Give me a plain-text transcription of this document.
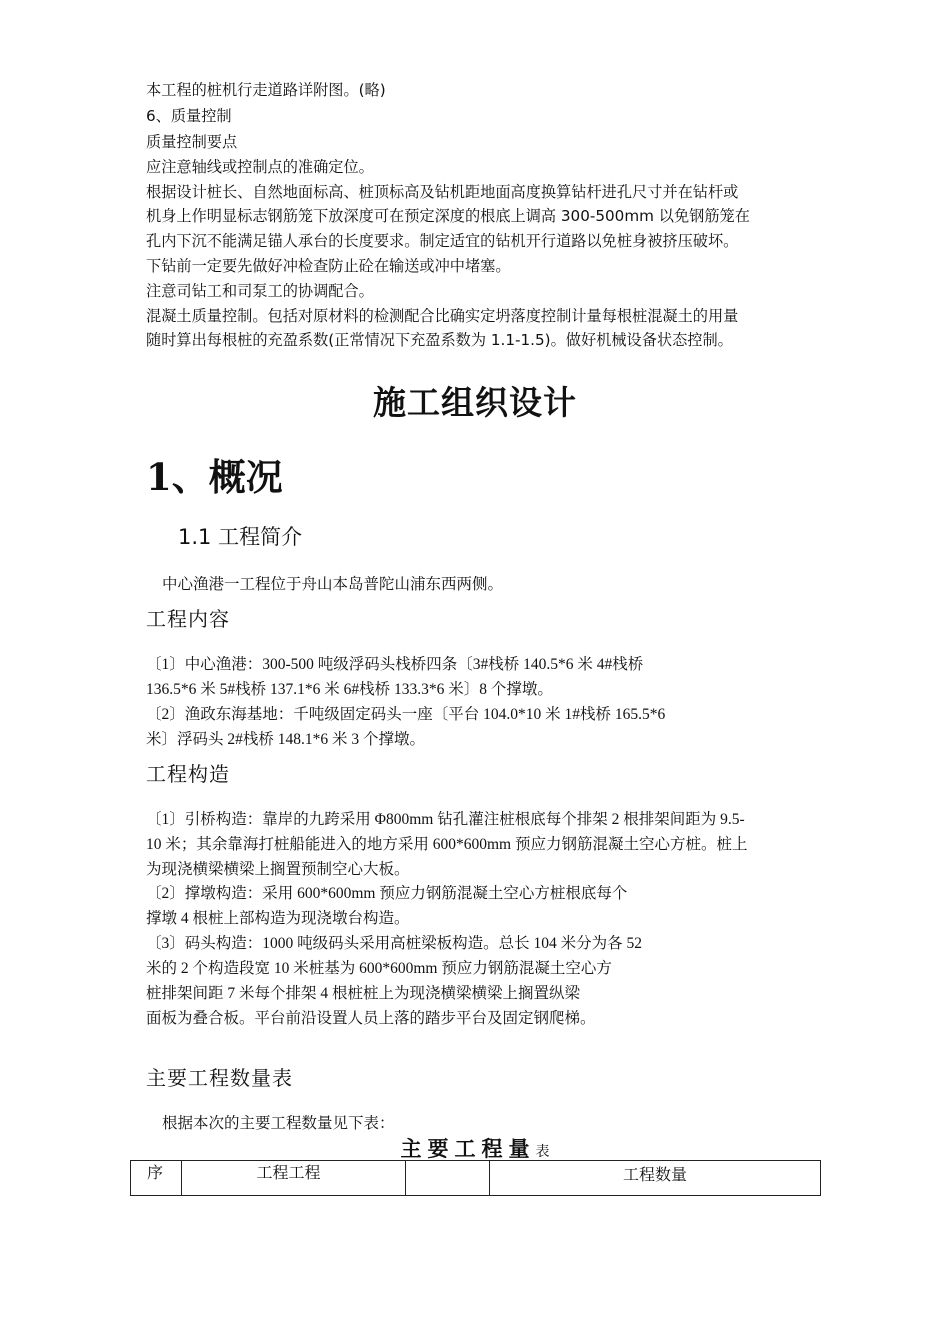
本工程的桩机行走道路详附图。(略)
6、质量控制
质量控制要点
应注意轴线或控制点的准确定位。
根据设计桩长、自然地面标高、桩顶标高及钻机距地面高度换算钻杆进孔尺寸并在钻杆或
机身上作明显标志钢筋笼下放深度可在预定深度的根底上调高 300-500mm 以免钢筋笼在
孔内下沉不能满足锚人承台的长度要求。制定适宜的钻机开行道路以免桩身被挤压破坏。
下钻前一定要先做好冲检查防止砼在输送或冲中堵塞。
注意司钻工和司泵工的协调配合。
混凝土质量控制。包括对原材料的检测配合比确实定坍落度控制计量每根桩混凝土的用量
随时算出每根桩的充盈系数(正常情况下充盈系数为 1.1-1.5)。做好机械设备状态控制。
施工组织设计
1、概况
1.1 工程简介
中心渔港一工程位于舟山本岛普陀山浦东西两侧。
工程内容
〔1〕中心渔港：300-500 吨级浮码头栈桥四条〔3#栈桥 140.5*6 米 4#栈桥
136.5*6 米 5#栈桥 137.1*6 米 6#栈桥 133.3*6 米〕8 个撑墩。
〔2〕渔政东海基地：千吨级固定码头一座〔平台 104.0*10 米 1#栈桥 165.5*6
米〕浮码头 2#栈桥 148.1*6 米 3 个撑墩。
工程构造
〔1〕引桥构造：靠岸的九跨采用 Φ800mm 钻孔灌注桩根底每个排架 2 根排架间距为 9.5-
10 米；其余靠海打桩船能进入的地方采用 600*600mm 预应力钢筋混凝土空心方桩。桩上
为现浇横梁横梁上搁置预制空心大板。
〔2〕撑墩构造：采用 600*600mm 预应力钢筋混凝土空心方桩根底每个
撑墩 4 根桩上部构造为现浇墩台构造。
〔3〕码头构造：1000 吨级码头采用高桩梁板构造。总长 104 米分为各 52
米的 2 个构造段宽 10 米桩基为 600*600mm 预应力钢筋混凝土空心方
桩排架间距 7 米每个排架 4 根桩桩上为现浇横梁横梁上搁置纵梁
面板为叠合板。平台前沿设置人员上落的踏步平台及固定钢爬梯。
主要工程数量表
根据本次的主要工程数量见下表：
主要工程量表
序	工程工程		工程数量
